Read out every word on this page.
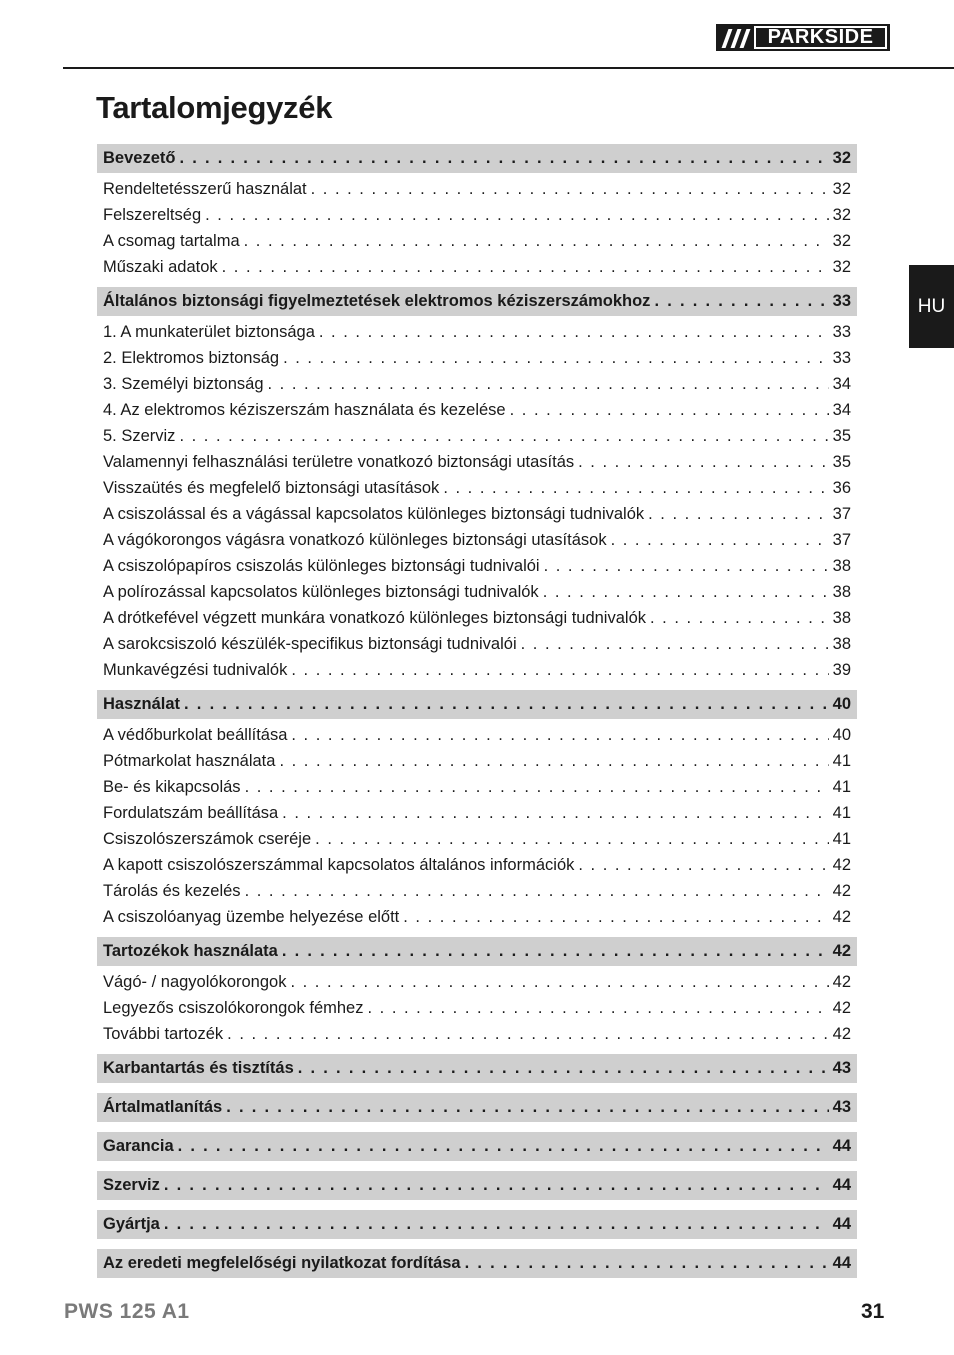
PARKSIDE
Tartalomjegyzék
HU
Bevezető . . .	32
Rendeltetésszerű használat . . .	32
Felszereltség . . .	32
A csomag tartalma . . .	32
Műszaki adatok . . .	32
Általános biztonsági figyelmeztetések elektromos kéziszerszámokhoz . . .	33
1. A munkaterület biztonsága . . .	33
2. Elektromos biztonság . . .	33
3. Személyi biztonság . . .	34
4. Az elektromos kéziszerszám használata és kezelése . . .	34
5. Szerviz . . .	35
Valamennyi felhasználási területre vonatkozó biztonsági utasítás . . .	35
Visszaütés és megfelelő biztonsági utasítások . . .	36
A csiszolással és a vágással kapcsolatos különleges biztonsági tudnivalók . . .	37
A vágókorongos vágásra vonatkozó különleges biztonsági utasítások . . .	37
A csiszolópapíros csiszolás különleges biztonsági tudnivalói . . .	38
A polírozással kapcsolatos különleges biztonsági tudnivalók . . .	38
A drótkefével végzett munkára vonatkozó különleges biztonsági tudnivalók . . .	38
A sarokcsiszoló készülék-specifikus biztonsági tudnivalói . . .	38
Munkavégzési tudnivalók . . .	39
Használat . . .	40
A védőburkolat beállítása . . .	40
Pótmarkolat használata . . .	41
Be- és kikapcsolás . . .	41
Fordulatszám beállítása . . .	41
Csiszolószerszámok cseréje . . .	41
A kapott csiszolószerszámmal kapcsolatos általános információk . . .	42
Tárolás és kezelés . . .	42
A csiszolóanyag üzembe helyezése előtt . . .	42
Tartozékok használata . . .	42
Vágó- / nagyolókorongok . . .	42
Legyezős csiszolókorongok fémhez . . .	42
További tartozék . . .	42
Karbantartás és tisztítás . . .	43
Ártalmatlanítás . . .	43
Garancia . . .	44
Szerviz . . .	44
Gyártja . . .	44
Az eredeti megfelelőségi nyilatkozat fordítása . . .	44
PWS 125 A1	31
